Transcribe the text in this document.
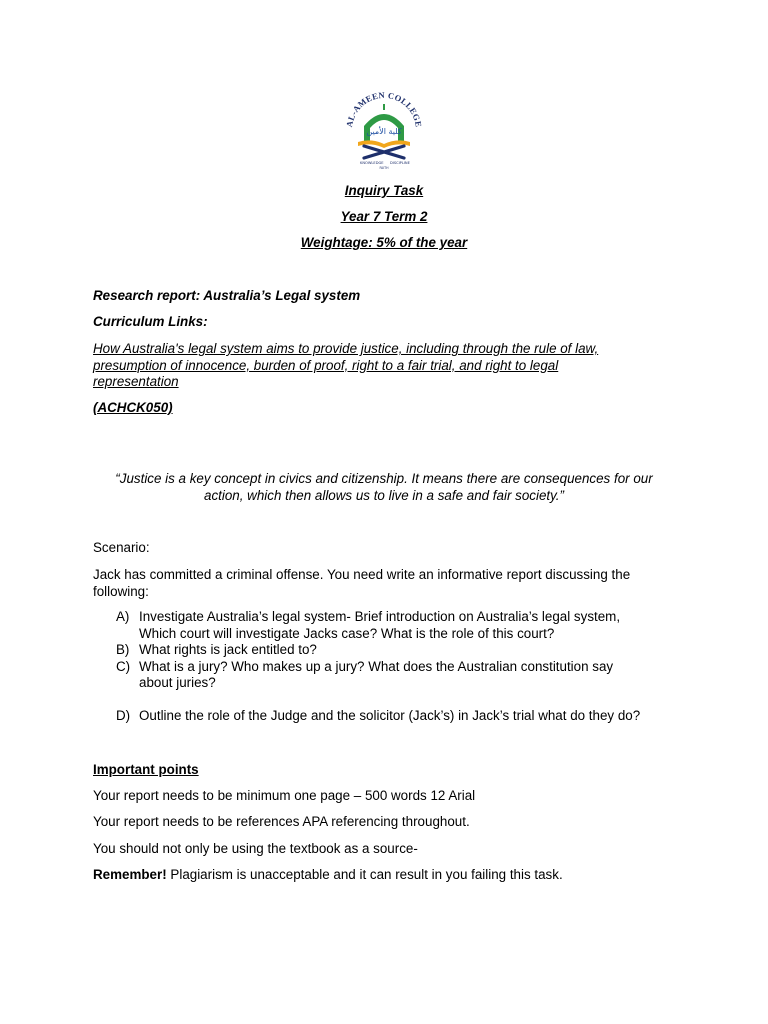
AL-AMEEN COLLEGE
كلية الأمين
KNOWLEDGE DISCIPLINE
FAITH
Inquiry Task
Year 7 Term 2
Weightage: 5% of the year
Research report: Australia’s Legal system
Curriculum Links:
How Australia's legal system aims to provide justice, including through the rule of law,
presumption of innocence, burden of proof, right to a fair trial, and right to legal
representation
(ACHCK050)
“Justice is a key concept in civics and citizenship. It means there are consequences for our
action, which then allows us to live in a safe and fair society.”
Scenario:
Jack has committed a criminal offense. You need write an informative report discussing the
following:
A) Investigate Australia’s legal system- Brief introduction on Australia’s legal system,
Which court will investigate Jacks case? What is the role of this court?
B) What rights is jack entitled to?
C) What is a jury? Who makes up a jury? What does the Australian constitution say
about juries?
D) Outline the role of the Judge and the solicitor (Jack’s) in Jack’s trial what do they do?
Important points
Your report needs to be minimum one page – 500 words 12 Arial
Your report needs to be references APA referencing throughout.
You should not only be using the textbook as a source-
Remember! Plagiarism is unacceptable and it can result in you failing this task.
